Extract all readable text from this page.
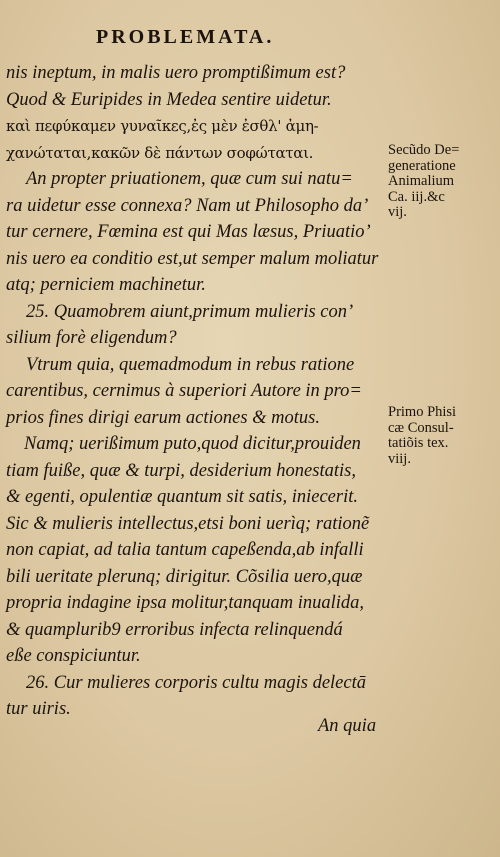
PROBLEMATA.
nis ineptum, in malis uero promptißimum est?
Quod & Euripides in Medea sentire uidetur.
καὶ πεφύκαμεν γυναῖκες,ἐς μὲν ἐσθλ' ἀμη-
χανώταται,κακῶν δὲ πάντων σοφώταται.
An propter priuationem, quæ cum sui natu=
ra uidetur esse connexa? Nam ut Philosopho da’
tur cernere, Fœmina est qui Mas læsus, Priuatio’
nis uero ea conditio est,ut semper malum moliatur
atq; perniciem machinetur.
25. Quamobrem aiunt,primum mulieris con’
silium forè eligendum?
Vtrum quia, quemadmodum in rebus ratione
carentibus, cernimus à superiori Autore in pro=
prios fines dirigi earum actiones & motus.
Namq; uerißimum puto,quod dicitur,prouiden
tiam fuiße, quæ & turpi, desiderium honestatis,
& egenti, opulentiæ quantum sit satis, iniecerit.
Sic & mulieris intellectus,etsi boni uerìq; rationẽ
non capiat, ad talia tantum capeßenda,ab infalli
bili ueritate plerunq; dirigitur. Cõsilia uero,quæ
propria indagine ipsa molitur,tanquam inualida,
& quamplurib9 erroribus infecta relinquendá
eße conspiciuntur.
26. Cur mulieres corporis cultu magis delectā
tur uiris.
An quia
Secũdo De=
generatione
Animalium
Ca. iij.&c
vij.
Primo Phisi
cæ Consul-
tatiõis tex.
viij.
